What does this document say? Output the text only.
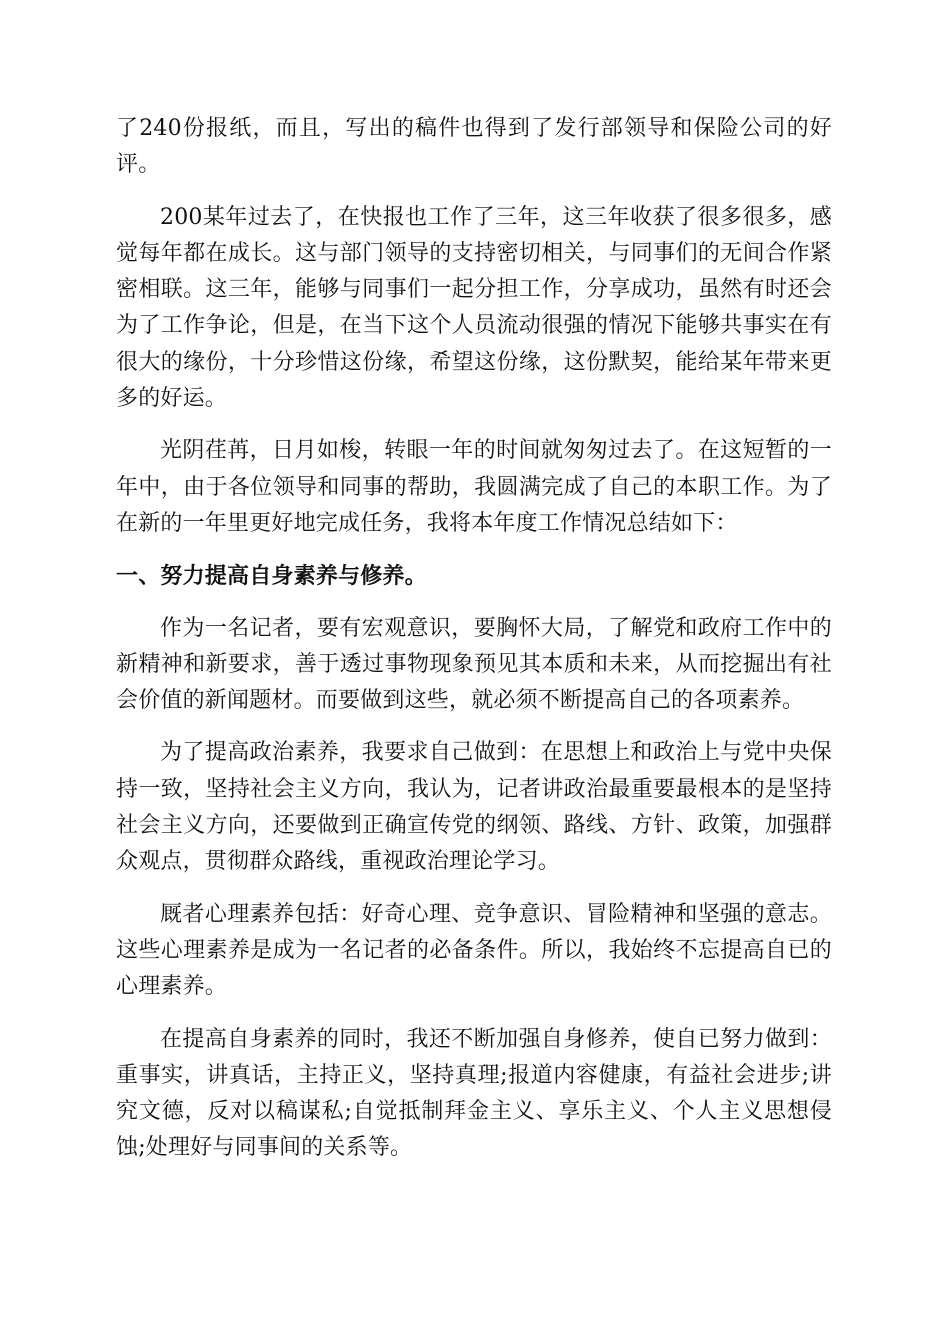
了240份报纸，而且，写出的稿件也得到了发行部领导和保险公司的好评。

200某年过去了，在快报也工作了三年，这三年收获了很多很多，感觉每年都在成长。这与部门领导的支持密切相关，与同事们的无间合作紧密相联。这三年，能够与同事们一起分担工作，分享成功，虽然有时还会为了工作争论，但是，在当下这个人员流动很强的情况下能够共事实在有很大的缘份，十分珍惜这份缘，希望这份缘，这份默契，能给某年带来更多的好运。

光阴荏苒，日月如梭，转眼一年的时间就匆匆过去了。在这短暂的一年中，由于各位领导和同事的帮助，我圆满完成了自己的本职工作。为了在新的一年里更好地完成任务，我将本年度工作情况总结如下：

一、努力提高自身素养与修养。

作为一名记者，要有宏观意识，要胸怀大局，了解党和政府工作中的新精神和新要求，善于透过事物现象预见其本质和未来，从而挖掘出有社会价值的新闻题材。而要做到这些，就必须不断提高自己的各项素养。

为了提高政治素养，我要求自己做到：在思想上和政治上与党中央保持一致，坚持社会主义方向，我认为，记者讲政治最重要最根本的是坚持社会主义方向，还要做到正确宣传党的纲领、路线、方针、政策，加强群众观点，贯彻群众路线，重视政治理论学习。

厩者心理素养包括：好奇心理、竞争意识、冒险精神和坚强的意志。这些心理素养是成为一名记者的必备条件。所以，我始终不忘提高自已的心理素养。

在提高自身素养的同时，我还不断加强自身修养，使自已努力做到：重事实，讲真话，主持正义，坚持真理;报道内容健康，有益社会进步;讲究文德，反对以稿谋私;自觉抵制拜金主义、享乐主义、个人主义思想侵蚀;处理好与同事间的关系等。
